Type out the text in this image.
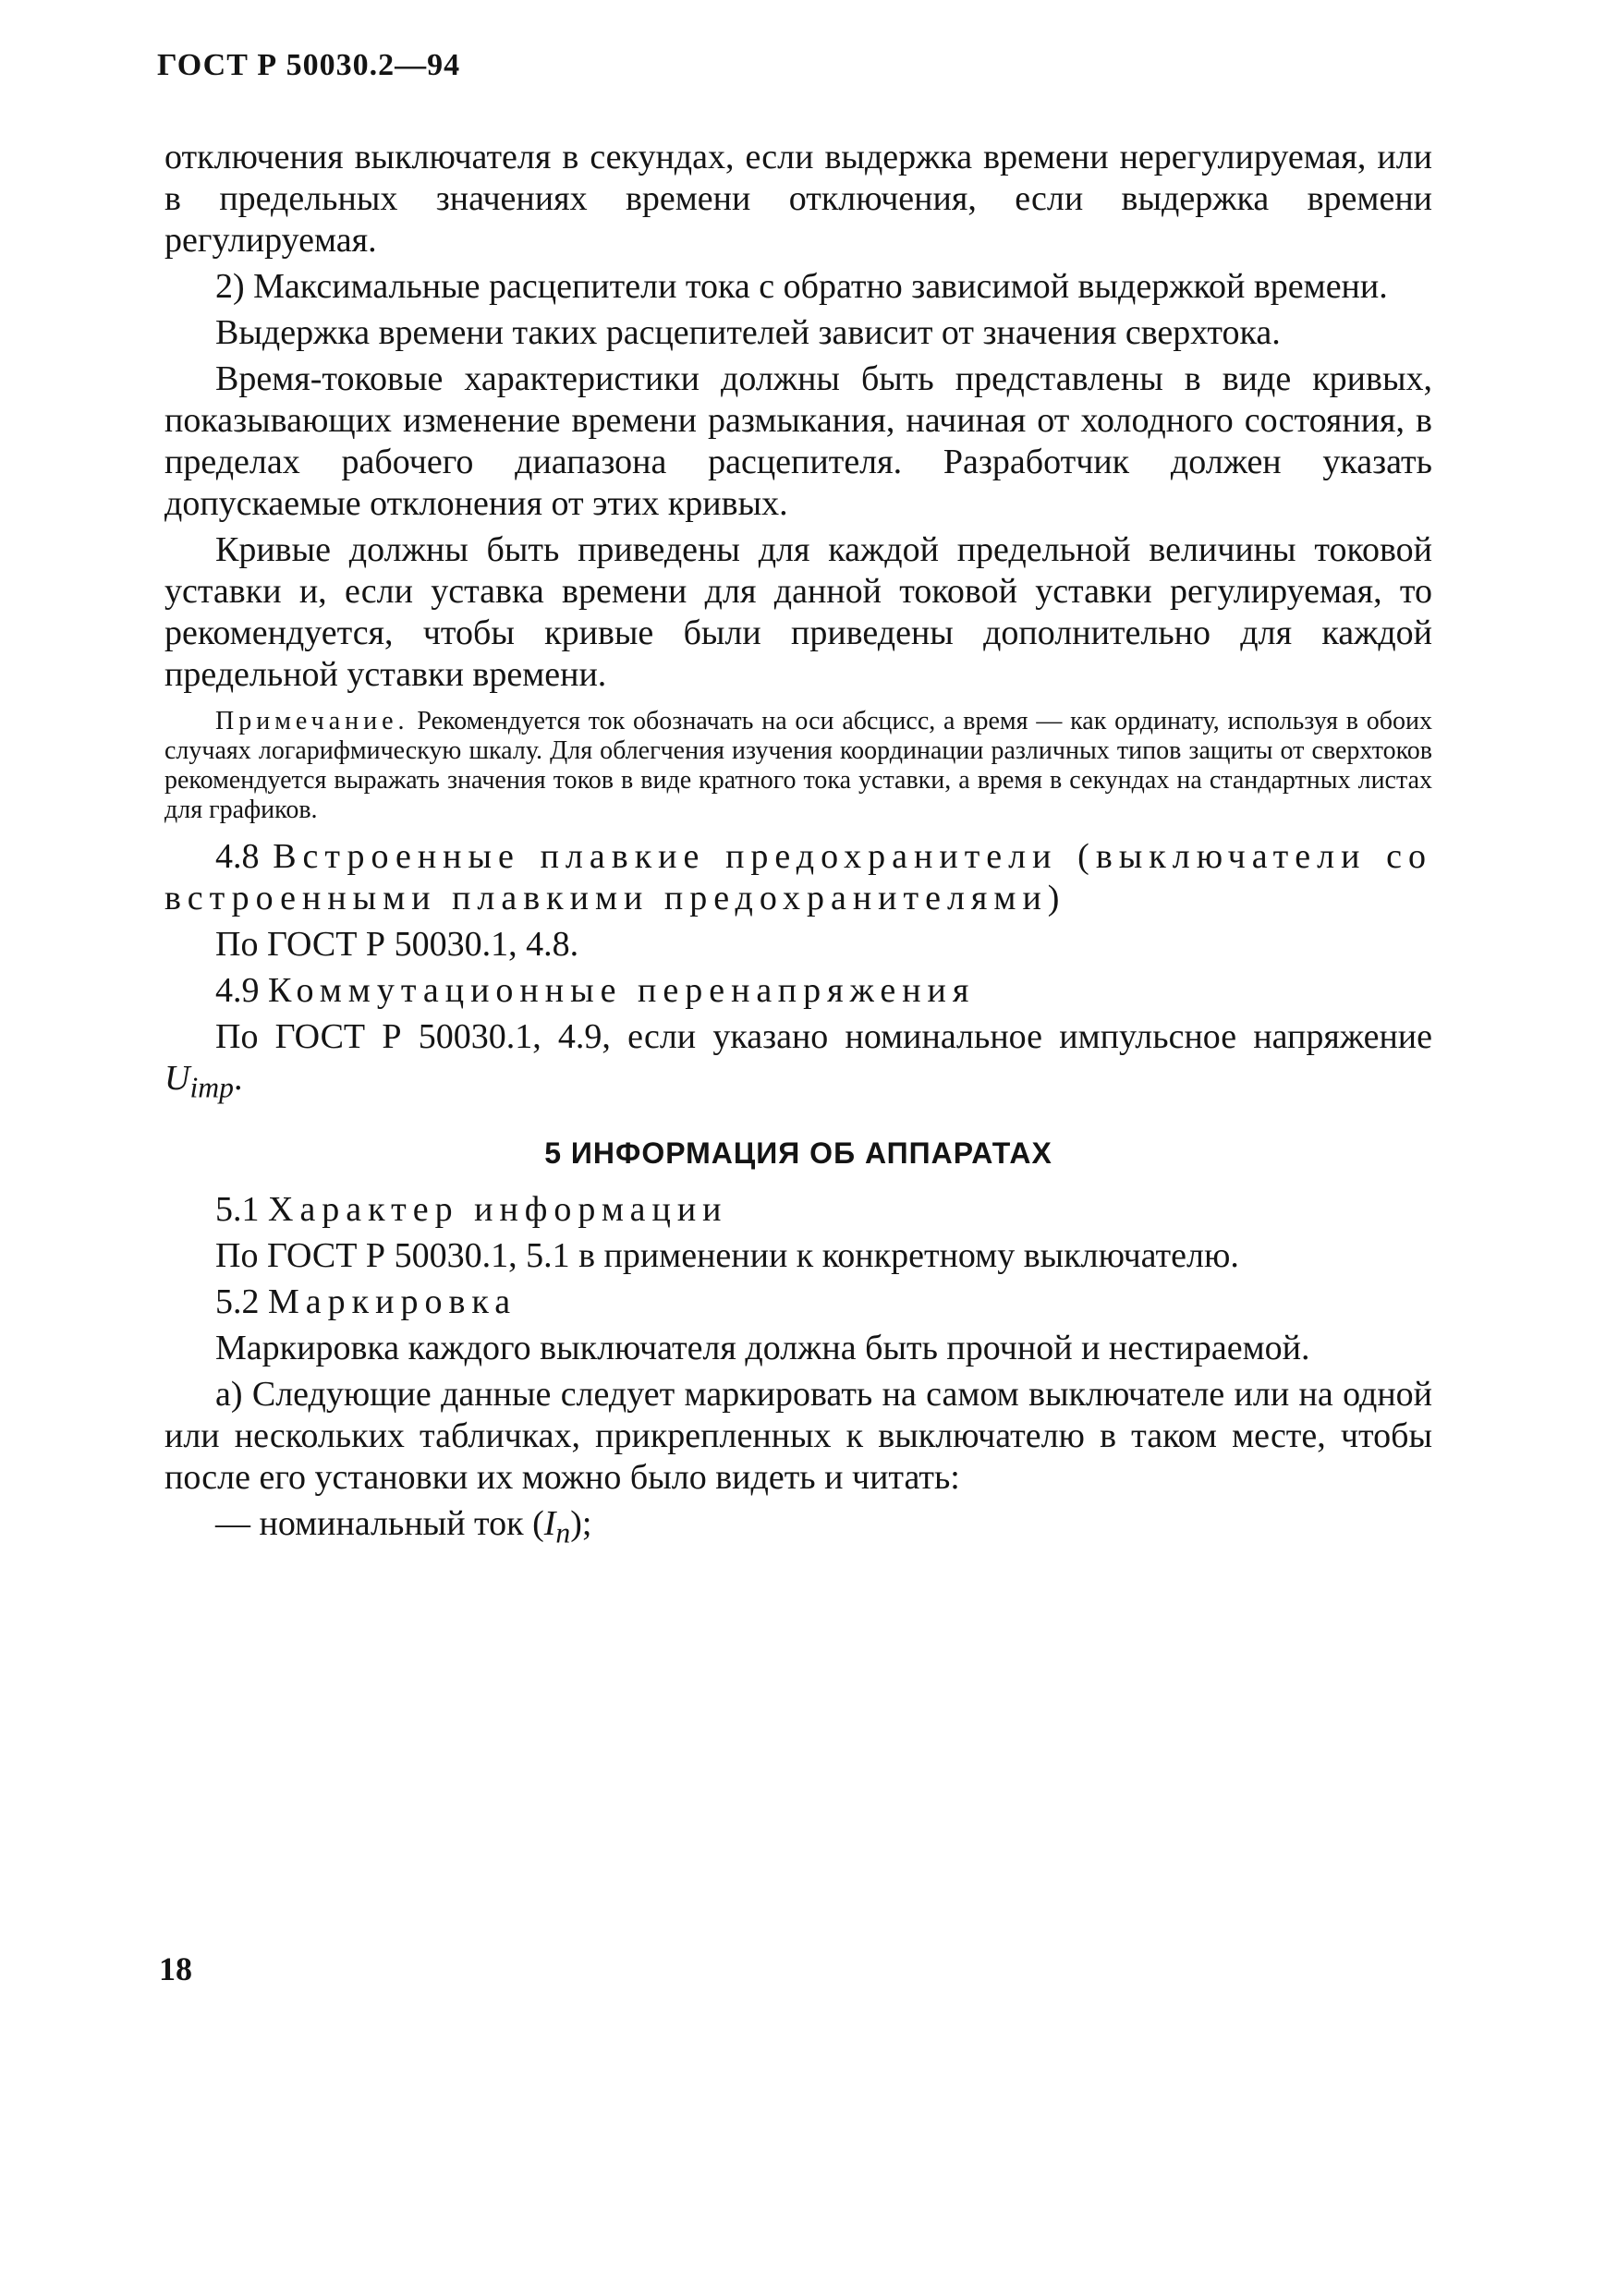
ГОСТ Р 50030.2—94

отключения выключателя в секундах, если выдержка времени нерегулируемая, или в предельных значениях времени отключения, если выдержка времени регулируемая.

2) Максимальные расцепители тока с обратно зависимой выдержкой времени.

Выдержка времени таких расцепителей зависит от значения сверхтока.

Время-токовые характеристики должны быть представлены в виде кривых, показывающих изменение времени размыкания, начиная от холодного состояния, в пределах рабочего диапазона расцепителя. Разработчик должен указать допускаемые отклонения от этих кривых.

Кривые должны быть приведены для каждой предельной величины токовой уставки и, если уставка времени для данной токовой уставки регулируемая, то рекомендуется, чтобы кривые были приведены дополнительно для каждой предельной уставки времени.

Примечание. Рекомендуется ток обозначать на оси абсцисс, а время — как ординату, используя в обоих случаях логарифмическую шкалу. Для облегчения изучения координации различных типов защиты от сверхтоков рекомендуется выражать значения токов в виде кратного тока уставки, а время в секундах на стандартных листах для графиков.

4.8 Встроенные плавкие предохранители (выключатели со встроенными плавкими предохранителями)

По ГОСТ Р 50030.1, 4.8.

4.9 Коммутационные перенапряжения

По ГОСТ Р 50030.1, 4.9, если указано номинальное импульсное напряжение $U_{imp}$.

5 ИНФОРМАЦИЯ ОБ АППАРАТАХ

5.1 Характер информации

По ГОСТ Р 50030.1, 5.1 в применении к конкретному выключателю.

5.2 Маркировка

Маркировка каждого выключателя должна быть прочной и нестираемой.

а) Следующие данные следует маркировать на самом выключателе или на одной или нескольких табличках, прикрепленных к выключателю в таком месте, чтобы после его установки их можно было видеть и читать:

— номинальный ток $(I_n)$;

18
